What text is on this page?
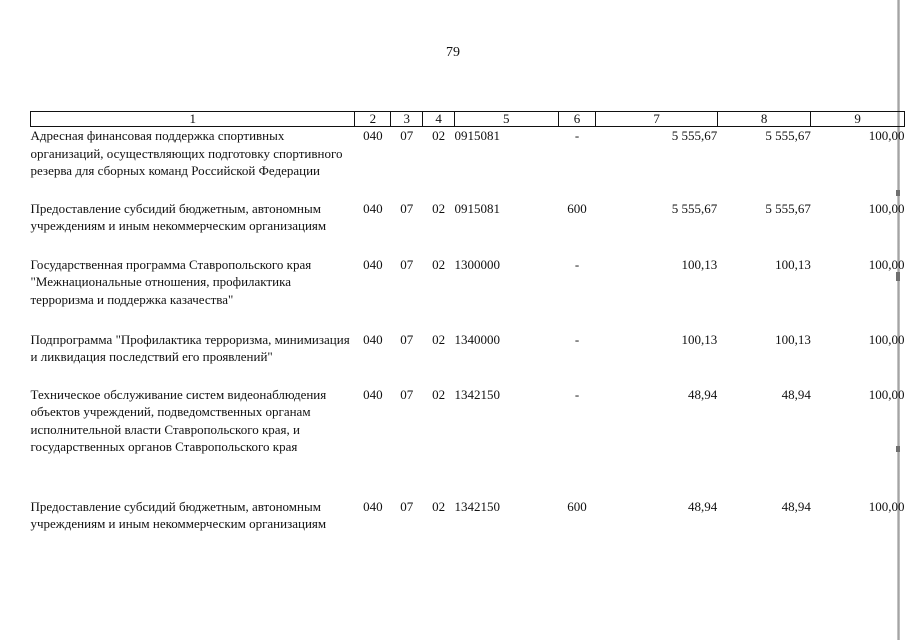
79
1	2	3	4	5	6	7	8	9
Адресная финансовая поддержка спортивных организаций, осуществляющих подготовку спортивного резерва для сборных команд Российской Федерации	040	07	02	0915081	-	5 555,67	5 555,67	100,00
Предоставление субсидий бюджетным, автономным учреждениям и иным некоммерческим организациям	040	07	02	0915081	600	5 555,67	5 555,67	100,00
Государственная программа Ставропольского края "Межнациональные отношения, профилактика терроризма и поддержка казачества"	040	07	02	1300000	-	100,13	100,13	100,00
Подпрограмма "Профилактика терроризма, минимизация и ликвидация последствий его проявлений"	040	07	02	1340000	-	100,13	100,13	100,00
Техническое обслуживание систем видеонаблюдения объектов учреждений, подведомственных органам исполнительной власти Ставропольского края, и государственных органов Ставропольского края	040	07	02	1342150	-	48,94	48,94	100,00
Предоставление субсидий бюджетным, автономным учреждениям и иным некоммерческим организациям	040	07	02	1342150	600	48,94	48,94	100,00
